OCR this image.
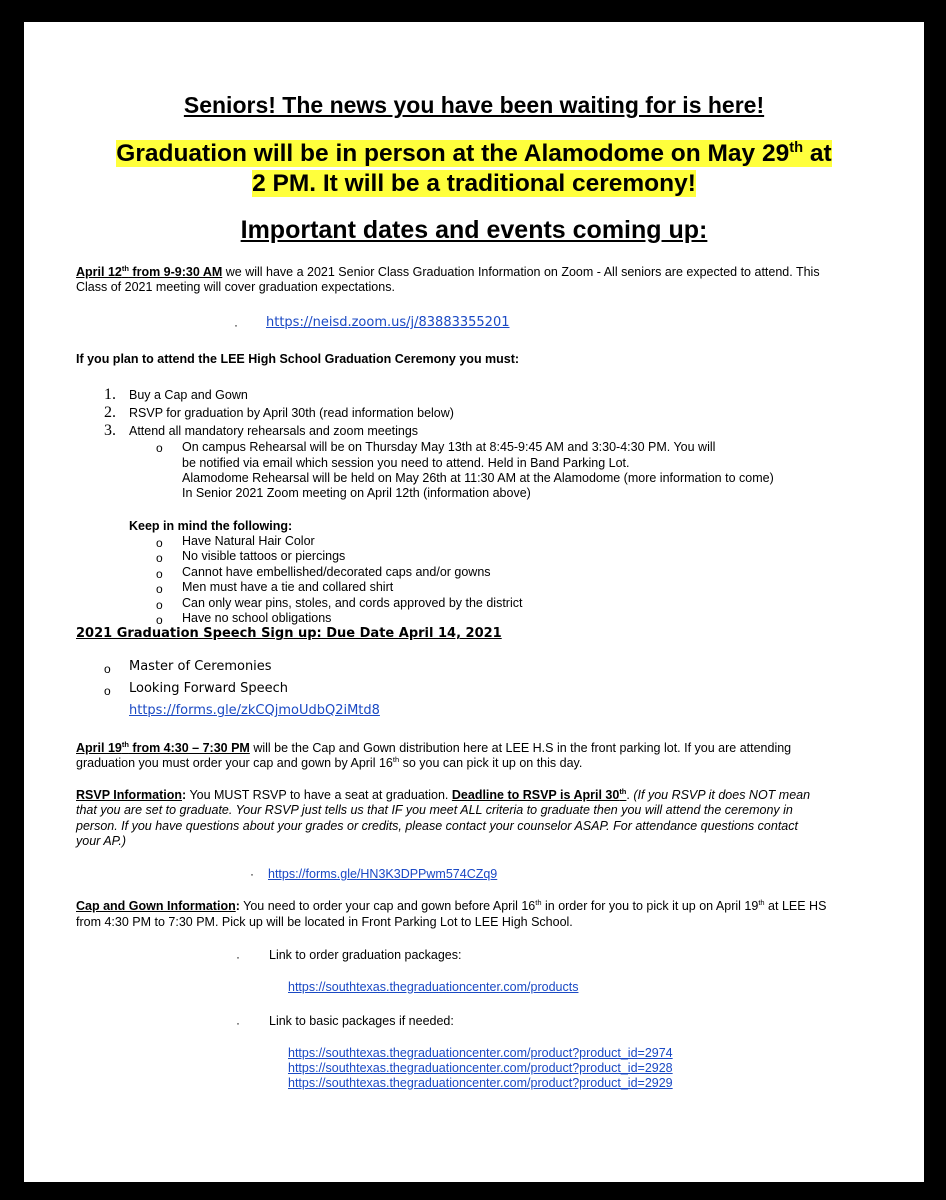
Seniors! The news you have been waiting for is here!
Graduation will be in person at the Alamodome on May 29th at
2 PM. It will be a traditional ceremony!
Important dates and events coming up:
April 12th from 9-9:30 AM we will have a 2021 Senior Class Graduation Information on Zoom - All seniors are expected to attend. This
Class of 2021 meeting will cover graduation expectations.
· https://neisd.zoom.us/j/83883355201
If you plan to attend the LEE High School Graduation Ceremony you must:
1. Buy a Cap and Gown
2. RSVP for graduation by April 30th (read information below)
3. Attend all mandatory rehearsals and zoom meetings
o On campus Rehearsal will be on Thursday May 13th at 8:45-9:45 AM and 3:30-4:30 PM. You will
be notified via email which session you need to attend. Held in Band Parking Lot.
Alamodome Rehearsal will be held on May 26th at 11:30 AM at the Alamodome (more information to come)
In Senior 2021 Zoom meeting on April 12th (information above)
Keep in mind the following:
o Have Natural Hair Color
o No visible tattoos or piercings
o Cannot have embellished/decorated caps and/or gowns
o Men must have a tie and collared shirt
o Can only wear pins, stoles, and cords approved by the district
o Have no school obligations
2021 Graduation Speech Sign up: Due Date April 14, 2021
o Master of Ceremonies
o Looking Forward Speech
https://forms.gle/zkCQjmoUdbQ2iMtd8
April 19th from 4:30 – 7:30 PM will be the Cap and Gown distribution here at LEE H.S in the front parking lot. If you are attending
graduation you must order your cap and gown by April 16th so you can pick it up on this day.
RSVP Information: You MUST RSVP to have a seat at graduation. Deadline to RSVP is April 30th. (If you RSVP it does NOT mean
that you are set to graduate. Your RSVP just tells us that IF you meet ALL criteria to graduate then you will attend the ceremony in
person. If you have questions about your grades or credits, please contact your counselor ASAP. For attendance questions contact
your AP.)
· https://forms.gle/HN3K3DPPwm574CZq9
Cap and Gown Information: You need to order your cap and gown before April 16th in order for you to pick it up on April 19th at LEE HS
from 4:30 PM to 7:30 PM. Pick up will be located in Front Parking Lot to LEE High School.
· Link to order graduation packages:
https://southtexas.thegraduationcenter.com/products
· Link to basic packages if needed:
https://southtexas.thegraduationcenter.com/product?product_id=2974
https://southtexas.thegraduationcenter.com/product?product_id=2928
https://southtexas.thegraduationcenter.com/product?product_id=2929
